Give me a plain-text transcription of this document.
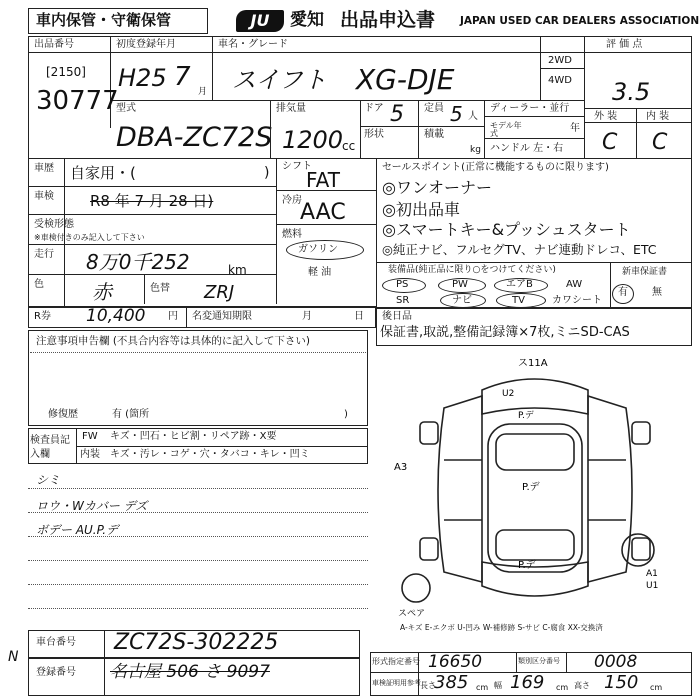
車内保管・守衛保管	JU	愛知 出品申込書 JAPAN USED CAR DEALERS ASSOCIATION
出品番号
[2150]
30777
初度登録年月
H25 7 月
車名・グレード
スイフト XG-DJE
2WD
4WD
評 価 点
3.5
型式
DBA-ZC72S
排気量
1200
cc
ドア 5 定員 5 人
形状	積載
kg
ディーラー・並行
モデル年式	年
ハンドル 左・右
外 装	内 装
C C
車歴 自家用・(	)
車検 R8 年 7 月 28 日)
受検形態
※車検付きのみ記入して下さい
走行 8万0千252	km
色 赤	色替 ZRJ
シフト
FAT
冷房
AAC
燃料
ガソリン
軽 油
セールスポイント(正常に機能するものに限ります)
◎ワンオーナー
◎初出品車
◎スマートキー&プッシュスタート
◎純正ナビ、フルセグTV、ナビ連動ドレコ、ETC
装備品(純正品に限り○をつけてください)
PS	PW	エアB	AW
SR	ナビ	TV	カワシート
新車保証書
有 無
R券 10,400 円 名変通知期限	月	日 後日品
保証書,取説,整備記録簿×7枚,ミニSD-CAS
注意事項申告欄 (不具合内容等は具体的に記入して下さい)
修復歴	有 (箇所	)
検査員記入欄
FW キズ・凹石・ヒビ割・リペア跡・X要
内装 キズ・汚レ・コゲ・穴・タバコ・キレ・凹ミ
シミ
ロウ・Wカバー デズ
ボデー AU.P.デ
ス11A
U2
P.デ
P.デ
A3
P.デ
A1
U1
スペア
A-キズ E-エクボ U-凹み W-補修跡 S-サビ C-腐食 XX-交換済
車台番号 ZC72S-302225
登録番号 名古屋 506 さ 9097
N	形式指定番号 16650	類別区分番号 0008
車検証明用参考 長さ
385 cm 幅 169 cm 高さ 150 cm
